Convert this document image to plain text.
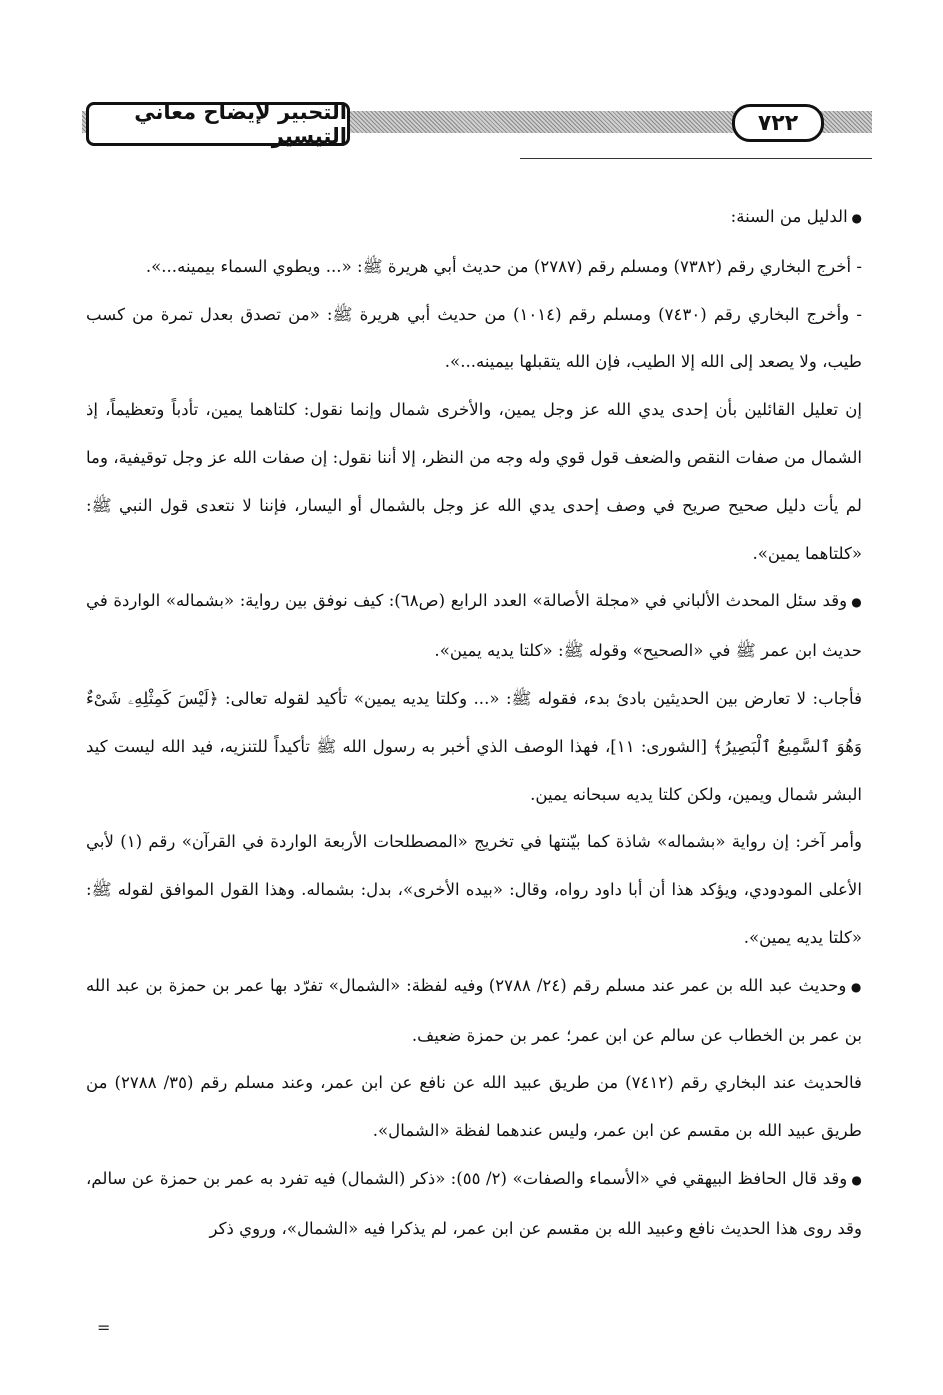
التحبير لإيضاح معاني التيسير
٧٢٢

● الدليل من السنة:

- أخرج البخاري رقم (٧٣٨٢) ومسلم رقم (٢٧٨٧) من حديث أبي هريرة ﷺ: «... ويطوي السماء بيمينه...».

- وأخرج البخاري رقم (٧٤٣٠) ومسلم رقم (١٠١٤) من حديث أبي هريرة ﷺ: «من تصدق بعدل تمرة من كسب طيب، ولا يصعد إلى الله إلا الطيب، فإن الله يتقبلها بيمينه...».

إن تعليل القائلين بأن إحدى يدي الله عز وجل يمين، والأخرى شمال وإنما نقول: كلتاهما يمين، تأدباً وتعظيماً، إذ الشمال من صفات النقص والضعف قول قوي وله وجه من النظر، إلا أننا نقول: إن صفات الله عز وجل توقيفية، وما لم يأت دليل صحيح صريح في وصف إحدى يدي الله عز وجل بالشمال أو اليسار، فإننا لا نتعدى قول النبي ﷺ: «كلتاهما يمين».

● وقد سئل المحدث الألباني في «مجلة الأصالة» العدد الرابع (ص٦٨): كيف نوفق بين رواية: «بشماله» الواردة في حديث ابن عمر ﷺ في «الصحيح» وقوله ﷺ: «كلتا يديه يمين».

فأجاب: لا تعارض بين الحديثين بادئ بدء، فقوله ﷺ: «... وكلتا يديه يمين» تأكيد لقوله تعالى: ﴿لَيْسَ كَمِثْلِهِۦ شَىْءٌ وَهُوَ ٱلسَّمِيعُ ٱلْبَصِيرُ﴾ [الشورى: ١١]، فهذا الوصف الذي أخبر به رسول الله ﷺ تأكيداً للتنزيه، فيد الله ليست كيد البشر شمال ويمين، ولكن كلتا يديه سبحانه يمين.

وأمر آخر: إن رواية «بشماله» شاذة كما بيّنتها في تخريج «المصطلحات الأربعة الواردة في القرآن» رقم (١) لأبي الأعلى المودودي، ويؤكد هذا أن أبا داود رواه، وقال: «بيده الأخرى»، بدل: بشماله. وهذا القول الموافق لقوله ﷺ: «كلتا يديه يمين».

● وحديث عبد الله بن عمر عند مسلم رقم (٢٤/ ٢٧٨٨) وفيه لفظة: «الشمال» تفرّد بها عمر بن حمزة بن عبد الله بن عمر بن الخطاب عن سالم عن ابن عمر؛ عمر بن حمزة ضعيف.

فالحديث عند البخاري رقم (٧٤١٢) من طريق عبيد الله عن نافع عن ابن عمر، وعند مسلم رقم (٣٥/ ٢٧٨٨) من طريق عبيد الله بن مقسم عن ابن عمر، وليس عندهما لفظة «الشمال».

● وقد قال الحافظ البيهقي في «الأسماء والصفات» (٢/ ٥٥): «ذكر (الشمال) فيه تفرد به عمر بن حمزة عن سالم، وقد روى هذا الحديث نافع وعبيد الله بن مقسم عن ابن عمر، لم يذكرا فيه «الشمال»، وروي ذكر

=
